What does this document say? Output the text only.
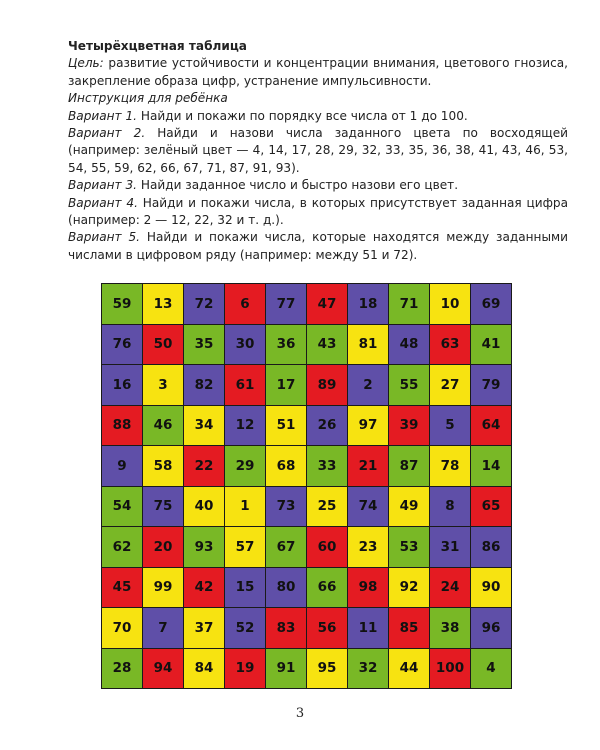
Четырёхцветная таблица

Цель: развитие устойчивости и концентрации внимания, цветового гнозиса, закрепление образа цифр, устранение импульсивности.

Инструкция для ребёнка

Вариант 1. Найди и покажи по порядку все числа от 1 до 100.

Вариант 2. Найди и назови числа заданного цвета по восходящей (например: зелёный цвет — 4, 14, 17, 28, 29, 32, 33, 35, 36, 38, 41, 43, 46, 53, 54, 55, 59, 62, 66, 67, 71, 87, 91, 93).

Вариант 3. Найди заданное число и быстро назови его цвет.

Вариант 4. Найди и покажи числа, в которых присутствует заданная цифра (например: 2 — 12, 22, 32 и т. д.).

Вариант 5. Найди и покажи числа, которые находятся между заданными числами в цифровом ряду (например: между 51 и 72).

59	13	72	6	77	47	18	71	10	69
76	50	35	30	36	43	81	48	63	41
16	3	82	61	17	89	2	55	27	79
88	46	34	12	51	26	97	39	5	64
9	58	22	29	68	33	21	87	78	14
54	75	40	1	73	25	74	49	8	65
62	20	93	57	67	60	23	53	31	86
45	99	42	15	80	66	98	92	24	90
70	7	37	52	83	56	11	85	38	96
28	94	84	19	91	95	32	44	100	4
3
